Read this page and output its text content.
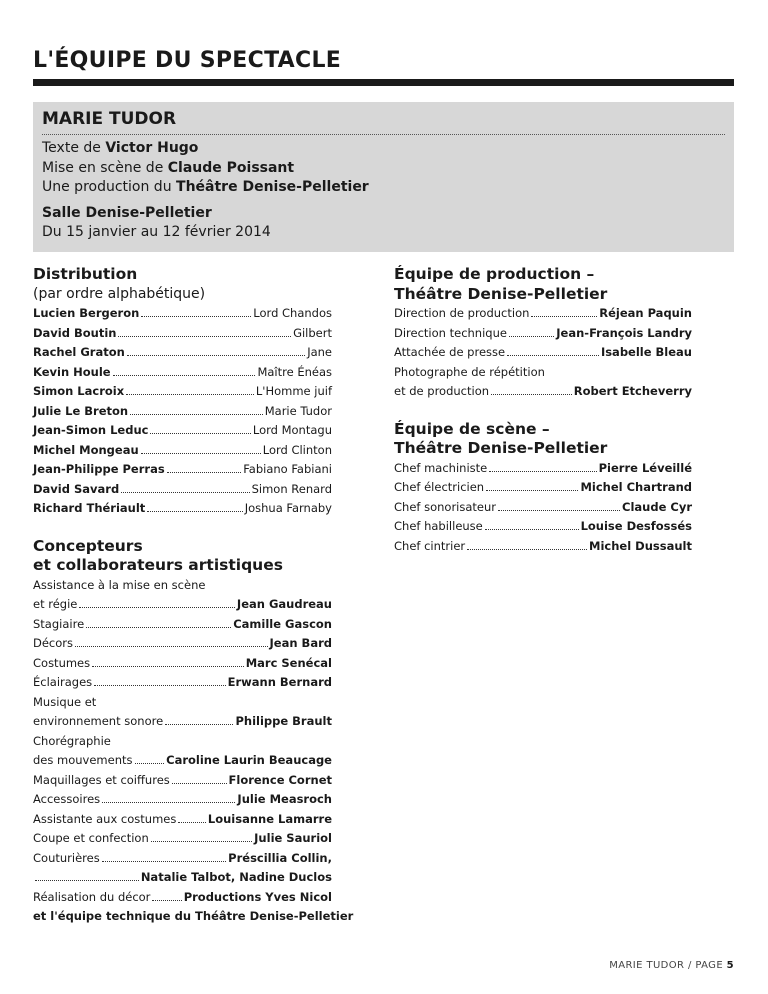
L'ÉQUIPE DU SPECTACLE
MARIE TUDOR
Texte de Victor Hugo
Mise en scène de Claude Poissant
Une production du Théâtre Denise-Pelletier
Salle Denise-Pelletier
Du 15 janvier au 12 février 2014
Distribution
(par ordre alphabétique)
Lucien Bergeron	Lord Chandos
David Boutin	Gilbert
Rachel Graton	Jane
Kevin Houle	Maître Énéas
Simon Lacroix	L'Homme juif
Julie Le Breton	Marie Tudor
Jean-Simon Leduc	Lord Montagu
Michel Mongeau	Lord Clinton
Jean-Philippe Perras	Fabiano Fabiani
David Savard	Simon Renard
Richard Thériault	Joshua Farnaby
Concepteurs
et collaborateurs artistiques
Assistance à la mise en scène
et régie	Jean Gaudreau
Stagiaire	Camille Gascon
Décors	Jean Bard
Costumes	Marc Senécal
Éclairages	Erwann Bernard
Musique et
environnement sonore	Philippe Brault
Chorégraphie
des mouvements	Caroline Laurin Beaucage
Maquillages et coiffures	Florence Cornet
Accessoires	Julie Measroch
Assistante aux costumes	Louisanne Lamarre
Coupe et confection	Julie Sauriol
Couturières	Préscillia Collin,
Natalie Talbot, Nadine Duclos
Réalisation du décor	Productions Yves Nicol
et l'équipe technique du Théâtre Denise-Pelletier
Équipe de production –
Théâtre Denise-Pelletier
Direction de production	Réjean Paquin
Direction technique	Jean-François Landry
Attachée de presse	Isabelle Bleau
Photographe de répétition
et de production	Robert Etcheverry
Équipe de scène –
Théâtre Denise-Pelletier
Chef machiniste	Pierre Léveillé
Chef électricien	Michel Chartrand
Chef sonorisateur	Claude Cyr
Chef habilleuse	Louise Desfossés
Chef cintrier	Michel Dussault
MARIE TUDOR / PAGE 5
